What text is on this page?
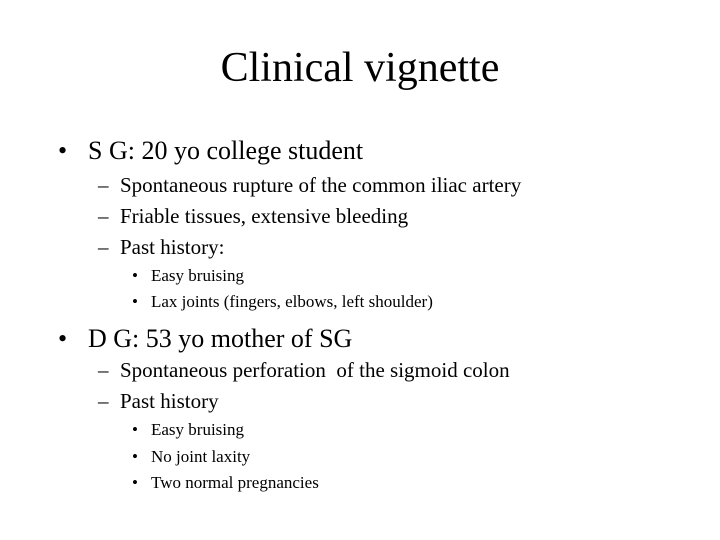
Clinical vignette
• S G: 20 yo college student
– Spontaneous rupture of the common iliac artery
– Friable tissues, extensive bleeding
– Past history:
• Easy bruising
• Lax joints (fingers, elbows, left shoulder)
• D G: 53 yo mother of SG
– Spontaneous perforation  of the sigmoid colon
– Past history
• Easy bruising
• No joint laxity
• Two normal pregnancies
